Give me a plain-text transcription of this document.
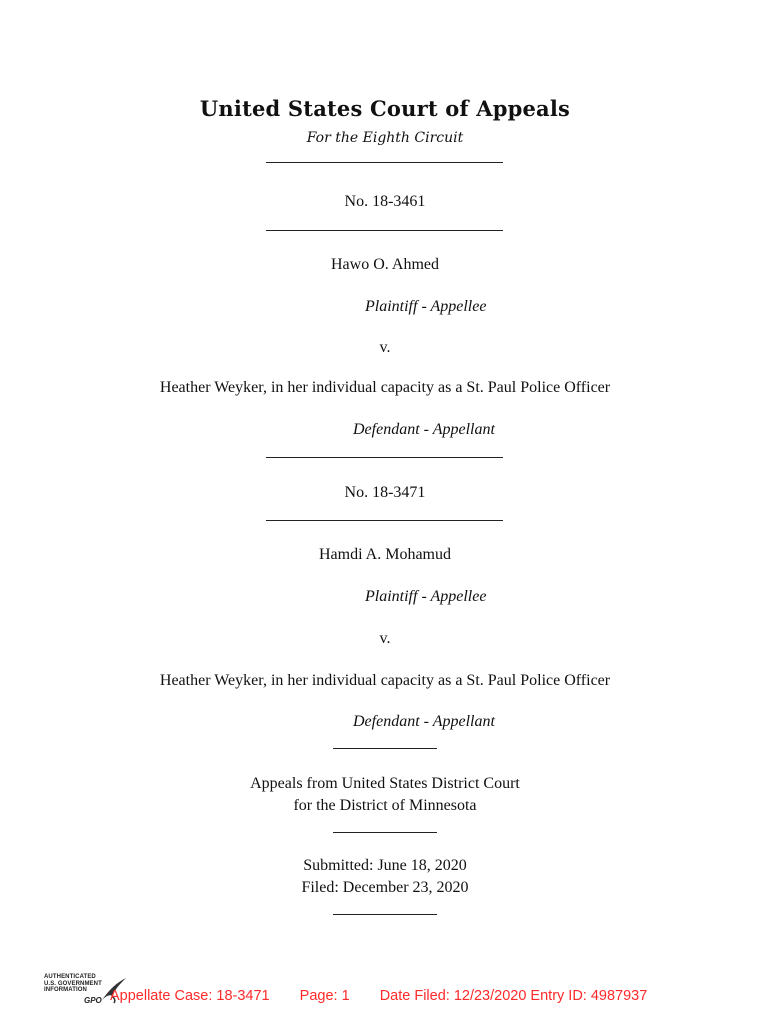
United States Court of Appeals
For the Eighth Circuit
No. 18-3461
Hawo O. Ahmed
Plaintiff - Appellee
v.
Heather Weyker, in her individual capacity as a St. Paul Police Officer
Defendant - Appellant
No. 18-3471
Hamdi A. Mohamud
Plaintiff - Appellee
v.
Heather Weyker, in her individual capacity as a St. Paul Police Officer
Defendant - Appellant
Appeals from United States District Court
for the District of Minnesota
Submitted: June 18, 2020
Filed: December 23, 2020
AUTHENTICATED
U.S. GOVERNMENT
INFORMATION
GPO Appellate Case: 18-3471 Page: 1 Date Filed: 12/23/2020 Entry ID: 4987937
